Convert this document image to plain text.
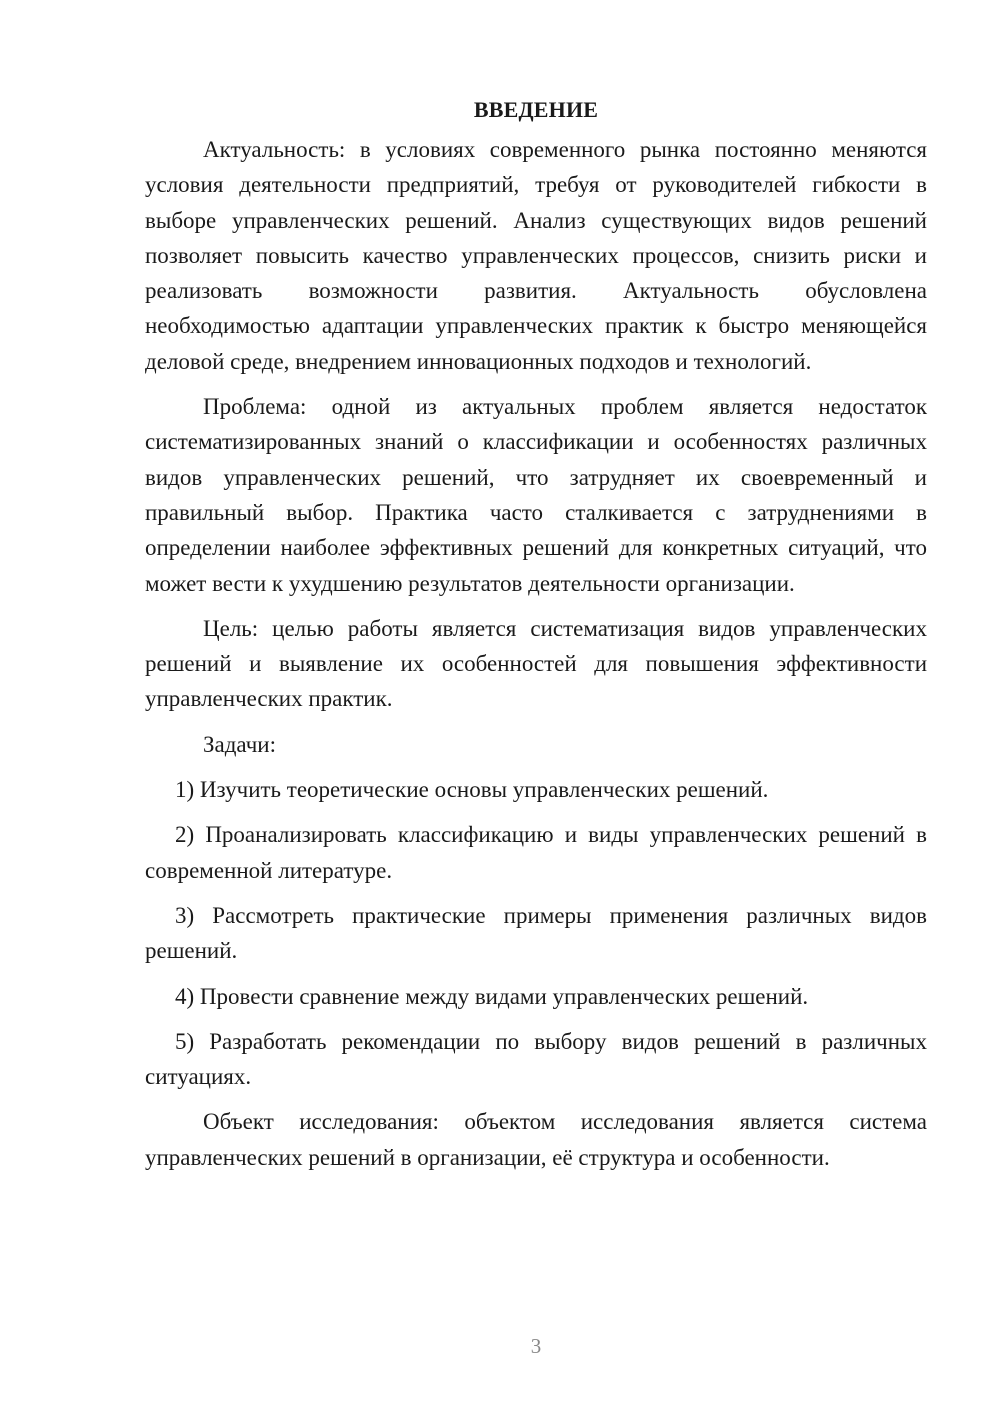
ВВЕДЕНИЕ

Актуальность: в условиях современного рынка постоянно меняются условия деятельности предприятий, требуя от руководителей гибкости в выборе управленческих решений. Анализ существующих видов решений позволяет повысить качество управленческих процессов, снизить риски и реализовать возможности развития. Актуальность обусловлена необходимостью адаптации управленческих практик к быстро меняющейся деловой среде, внедрением инновационных подходов и технологий.

Проблема: одной из актуальных проблем является недостаток систематизированных знаний о классификации и особенностях различных видов управленческих решений, что затрудняет их своевременный и правильный выбор. Практика часто сталкивается с затруднениями в определении наиболее эффективных решений для конкретных ситуаций, что может вести к ухудшению результатов деятельности организации.

Цель: целью работы является систематизация видов управленческих решений и выявление их особенностей для повышения эффективности управленческих практик.

Задачи:

1) Изучить теоретические основы управленческих решений.

2) Проанализировать классификацию и виды управленческих решений в современной литературе.

3) Рассмотреть практические примеры применения различных видов решений.

4) Провести сравнение между видами управленческих решений.

5) Разработать рекомендации по выбору видов решений в различных ситуациях.

Объект исследования: объектом исследования является система управленческих решений в организации, её структура и особенности.

3
